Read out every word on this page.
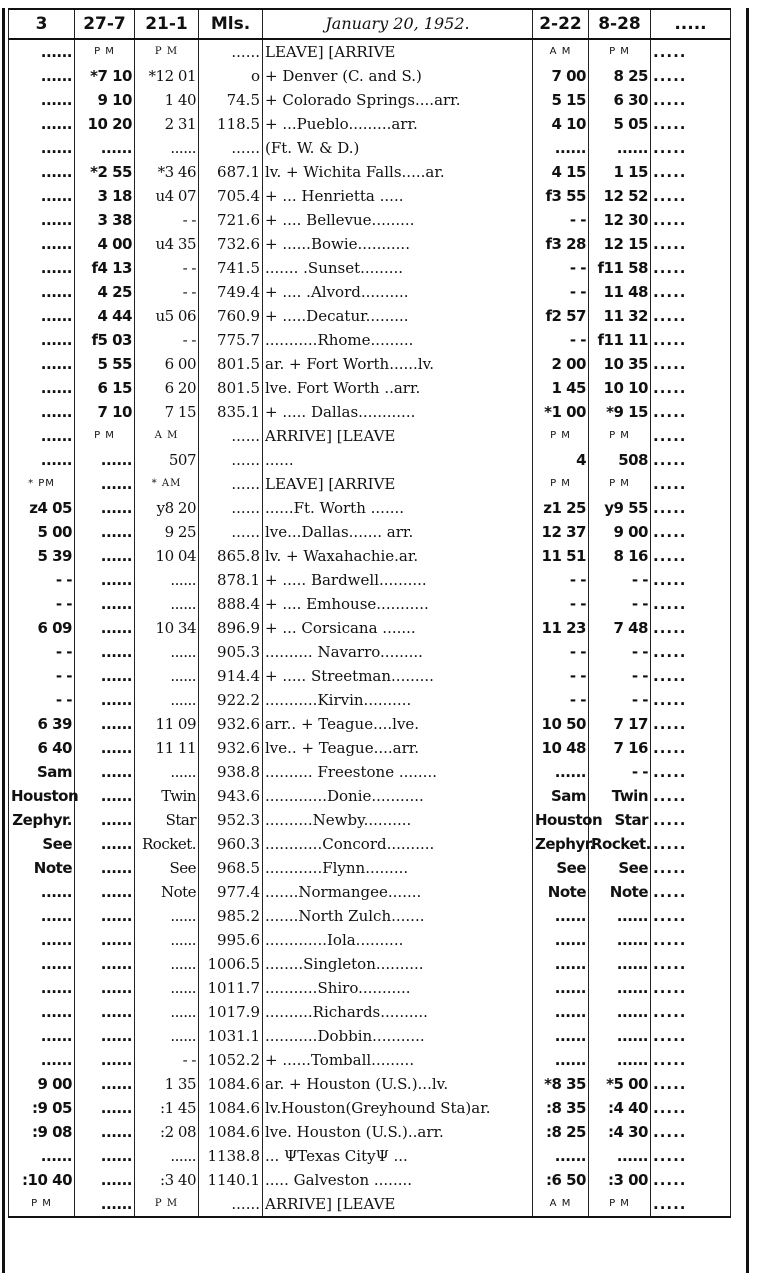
3	27-7	21-1	Mls.	January 20, 1952.	2-22	8-28	.....
......	P M	P M	......	LEAVE] [ARRIVE	A M	P M	.....
......	*7 10	*12 01	o	+ Denver (C. and S.)	7 00	8 25	.....
......	9 10	1 40	74.5	+ Colorado Springs....arr.	5 15	6 30	.....
......	10 20	2 31	118.5	+ ...Pueblo.........arr.	4 10	5 05	.....
......	......	......	......	(Ft. W. & D.)	......	......	.....
......	*2 55	*3 46	687.1	lv. + Wichita Falls.....ar.	4 15	1 15	.....
......	3 18	u4 07	705.4	+ ... Henrietta .....	f3 55	12 52	.....
......	3 38	- -	721.6	+ .... Bellevue.........	- -	12 30	.....
......	4 00	u4 35	732.6	+ ......Bowie...........	f3 28	12 15	.....
......	f4 13	- -	741.5	....... .Sunset.........	- -	f11 58	.....
......	4 25	- -	749.4	+ .... .Alvord..........	- -	11 48	.....
......	4 44	u5 06	760.9	+ .....Decatur.........	f2 57	11 32	.....
......	f5 03	- -	775.7	...........Rhome.........	- -	f11 11	.....
......	5 55	6 00	801.5	ar. + Fort Worth......lv.	2 00	10 35	.....
......	6 15	6 20	801.5	lve. Fort Worth ..arr.	1 45	10 10	.....
......	7 10	7 15	835.1	+ ..... Dallas............	*1 00	*9 15	.....
......	P M	A M	......	ARRIVE] [LEAVE	P M	P M	.....
......	......	507	......	......	4	508	.....
* PM	......	* AM	......	LEAVE] [ARRIVE	P M	P M	.....
z4 05	......	y8 20	......	......Ft. Worth .......	z1 25	y9 55	.....
5 00	......	9 25	......	lve...Dallas....... arr.	12 37	9 00	.....
5 39	......	10 04	865.8	lv. + Waxahachie.ar.	11 51	8 16	.....
- -	......	......	878.1	+ ..... Bardwell..........	- -	- -	.....
- -	......	......	888.4	+ .... Emhouse...........	- -	- -	.....
6 09	......	10 34	896.9	+ ... Corsicana .......	11 23	7 48	.....
- -	......	......	905.3	.......... Navarro.........	- -	- -	.....
- -	......	......	914.4	+ ..... Streetman.........	- -	- -	.....
- -	......	......	922.2	...........Kirvin..........	- -	- -	.....
6 39	......	11 09	932.6	arr.. + Teague....lve.	10 50	7 17	.....
6 40	......	11 11	932.6	lve.. + Teague....arr.	10 48	7 16	.....
Sam	......	......	938.8	.......... Freestone ........	......	- -	.....
Houston	......	Twin	943.6	.............Donie...........	Sam	Twin	.....
Zephyr.	......	Star	952.3	..........Newby..........	Houston	Star	.....
See	......	Rocket.	960.3	............Concord..........	Zephyr.	Rocket.	.....
Note	......	See	968.5	............Flynn.........	See	See	.....
......	......	Note	977.4	.......Normangee.......	Note	Note	.....
......	......	......	985.2	.......North Zulch.......	......	......	.....
......	......	......	995.6	.............Iola..........	......	......	.....
......	......	......	1006.5	........Singleton..........	......	......	.....
......	......	......	1011.7	...........Shiro...........	......	......	.....
......	......	......	1017.9	..........Richards..........	......	......	.....
......	......	......	1031.1	...........Dobbin...........	......	......	.....
......	......	- -	1052.2	+ ......Tomball.........	......	......	.....
9 00	......	1 35	1084.6	ar. + Houston (U.S.)...lv.	*8 35	*5 00	.....
:9 05	......	:1 45	1084.6	lv.Houston(Greyhound Sta)ar.	:8 35	:4 40	.....
:9 08	......	:2 08	1084.6	lve. Houston (U.S.)..arr.	:8 25	:4 30	.....
......	......	......	1138.8	... ΨTexas CityΨ ...	......	......	.....
:10 40	......	:3 40	1140.1	..... Galveston ........	:6 50	:3 00	.....
P M	......	P M	......	ARRIVE] [LEAVE	A M	P M	.....
